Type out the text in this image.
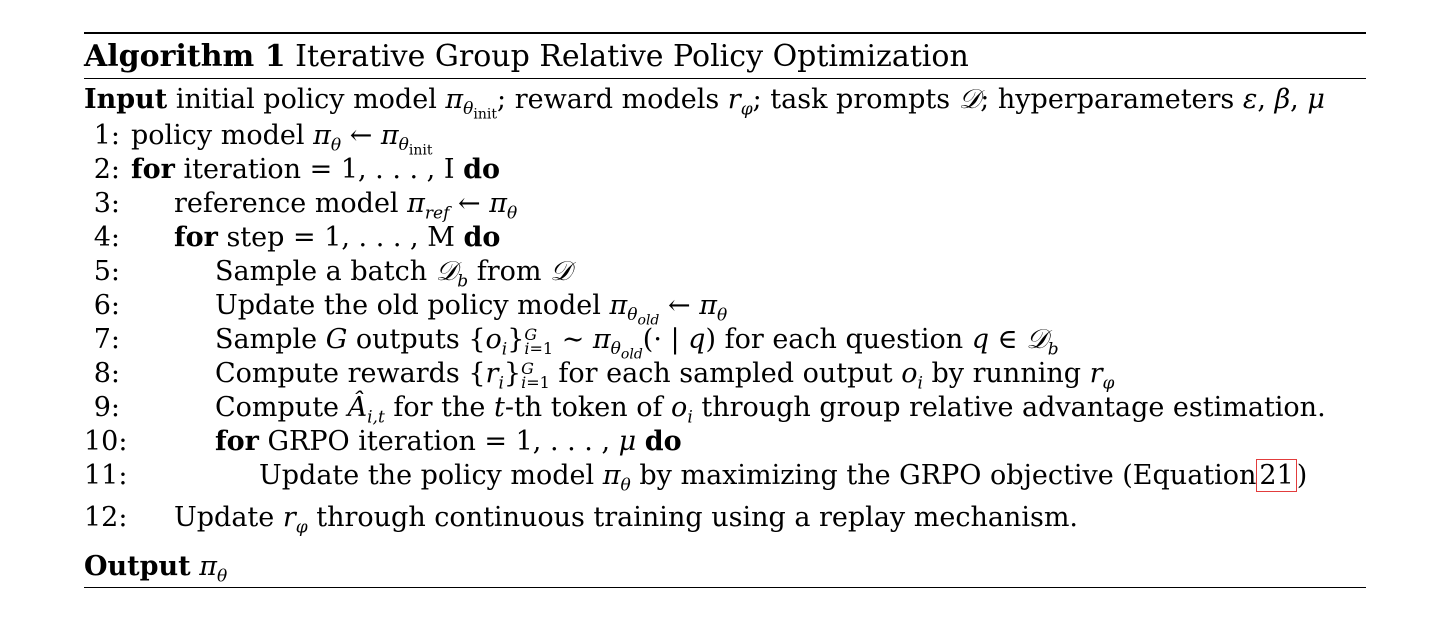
Algorithm 1 Iterative Group Relative Policy Optimization
Input initial policy model $\pi_{\theta_{init}}$; reward models $r_\varphi$; task prompts 𝒟; hyperparameters ε, β, μ
1: policy model $\pi_\theta$ ← $\pi_{\theta_{init}}$
2: for iteration = 1, . . . , I do
3: reference model $\pi_{ref}$ ← $\pi_\theta$
4: for step = 1, . . . , M do
5:	Sample a batch 𝒟$_b$ from 𝒟
6:	Update the old policy model $\pi_{\theta_{old}}$ ← $\pi_\theta$
7:	Sample G outputs $\{o_i\}$ G
i=1 ∼ $\pi_{\theta_{old}}(\cdot$ | q) for each question q ∈ 𝒟$_b$
8:	Compute rewards $\{r_i\}$ G
i=1 for each sampled output $o_i$ by running $r_\varphi$
9:	Compute $Â_{i,t}$ for the t-th token of $o_i$ through group relative advantage estimation.
10:	for GRPO iteration = 1, . . . , μ do
11:	Update the policy model $\pi_\theta$ by maximizing the GRPO objective (Equation 21 )
12: Update $r_\varphi$ through continuous training using a replay mechanism.
Output $\pi_\theta$
